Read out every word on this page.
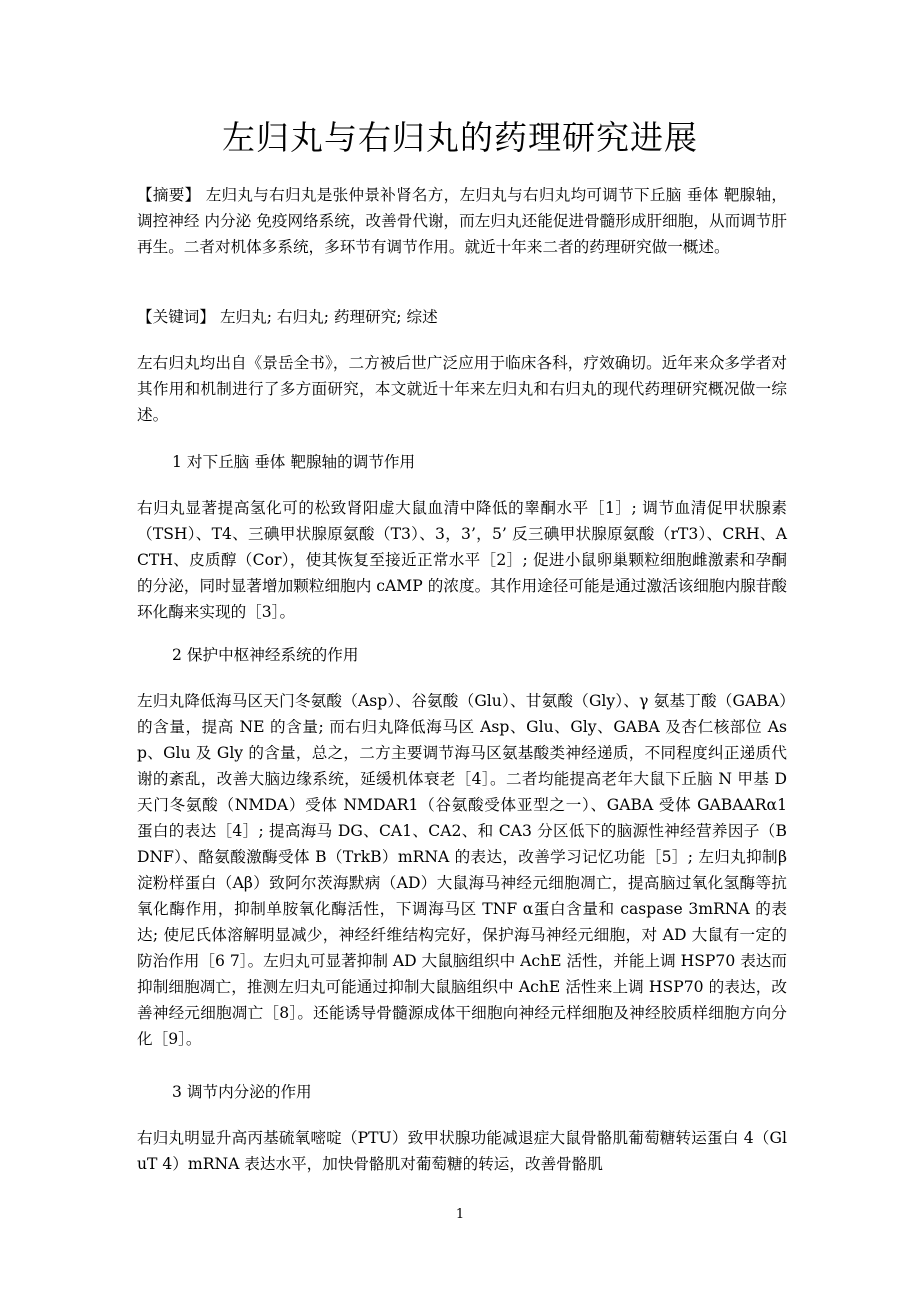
左归丸与右归丸的药理研究进展

【摘要】 左归丸与右归丸是张仲景补肾名方，左归丸与右归丸均可调节下丘脑 垂体 靶腺轴，调控神经 内分泌 免疫网络系统，改善骨代谢，而左归丸还能促进骨髓形成肝细胞，从而调节肝再生。二者对机体多系统，多环节有调节作用。就近十年来二者的药理研究做一概述。

【关键词】 左归丸; 右归丸; 药理研究; 综述

左右归丸均出自《景岳全书》，二方被后世广泛应用于临床各科，疗效确切。近年来众多学者对其作用和机制进行了多方面研究，本文就近十年来左归丸和右归丸的现代药理研究概况做一综述。

1 对下丘脑 垂体 靶腺轴的调节作用

右归丸显著提高氢化可的松致肾阳虚大鼠血清中降低的睾酮水平［1］; 调节血清促甲状腺素（TSH）、T4、三碘甲状腺原氨酸（T3）、3，3’，5’ 反三碘甲状腺原氨酸（rT3）、CRH、ACTH、皮质醇（Cor），使其恢复至接近正常水平［2］; 促进小鼠卵巢颗粒细胞雌激素和孕酮的分泌，同时显著增加颗粒细胞内 cAMP 的浓度。其作用途径可能是通过激活该细胞内腺苷酸环化酶来实现的［3］。

2 保护中枢神经系统的作用

左归丸降低海马区天门冬氨酸（Asp）、谷氨酸（Glu）、甘氨酸（Gly）、γ 氨基丁酸（GABA）的含量，提高 NE 的含量; 而右归丸降低海马区 Asp、Glu、Gly、GABA 及杏仁核部位 Asp、Glu 及 Gly 的含量，总之，二方主要调节海马区氨基酸类神经递质，不同程度纠正递质代谢的紊乱，改善大脑边缘系统，延缓机体衰老［4］。二者均能提高老年大鼠下丘脑 N 甲基 D 天门冬氨酸（NMDA）受体 NMDAR1（谷氨酸受体亚型之一）、GABA 受体 GABAARα1 蛋白的表达［4］; 提高海马 DG、CA1、CA2、和 CA3 分区低下的脑源性神经营养因子（BDNF）、酪氨酸激酶受体 B（TrkB）mRNA 的表达，改善学习记忆功能［5］; 左归丸抑制β 淀粉样蛋白（Aβ）致阿尔茨海默病（AD）大鼠海马神经元细胞凋亡，提高脑过氧化氢酶等抗氧化酶作用，抑制单胺氧化酶活性，下调海马区 TNF α蛋白含量和 caspase 3mRNA 的表达; 使尼氏体溶解明显减少，神经纤维结构完好，保护海马神经元细胞，对 AD 大鼠有一定的防治作用［6 7］。左归丸可显著抑制 AD 大鼠脑组织中 AchE 活性，并能上调 HSP70 表达而抑制细胞凋亡，推测左归丸可能通过抑制大鼠脑组织中 AchE 活性来上调 HSP70 的表达，改善神经元细胞凋亡［8］。还能诱导骨髓源成体干细胞向神经元样细胞及神经胶质样细胞方向分化［9］。

3 调节内分泌的作用

右归丸明显升高丙基硫氧嘧啶（PTU）致甲状腺功能减退症大鼠骨骼肌葡萄糖转运蛋白 4（GluT 4）mRNA 表达水平，加快骨骼肌对葡萄糖的转运，改善骨骼肌

1
